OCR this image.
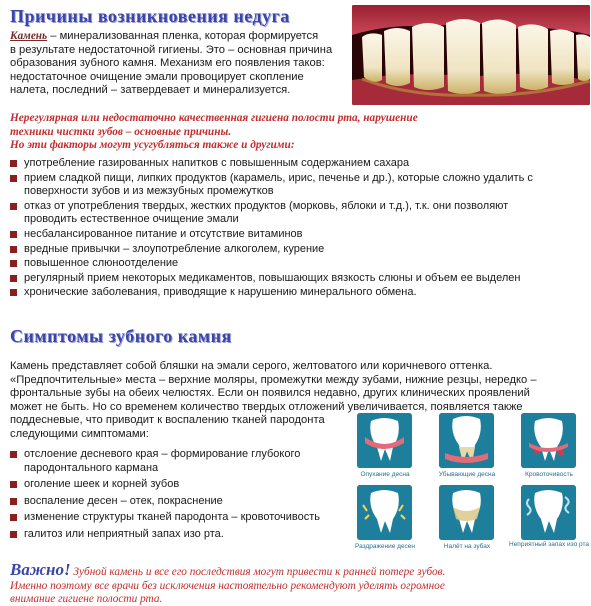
Причины возникновения недуга
Камень – минерализованная пленка, которая формируется
в результате недостаточной гигиены. Это – основная причина
образования зубного камня. Механизм его появления таков:
недостаточное очищение эмали провоцирует скопление
налета, последний – затвердевает и минерализуется.
Нерегулярная или недостаточно качественная гигиена полости рта, нарушение
техники чистки зубов – основные причины.
Но эти факторы могут усугубляться также и другими:
употребление газированных напитков с повышенным содержанием сахара
прием сладкой пищи, липких продуктов (карамель, ирис, печенье и др.), которые сложно удалить с
поверхности зубов и из межзубных промежутков
отказ от употребления твердых, жестких продуктов (морковь, яблоки и т.д.), т.к. они позволяют
проводить естественное очищение эмали
несбалансированное питание и отсутствие витаминов
вредные привычки – злоупотребление алкоголем, курение
повышенное слюноотделение
регулярный прием некоторых медикаментов, повышающих вязкость слюны и объем ее выделен
хронические заболевания, приводящие к нарушению минерального обмена.
Симптомы зубного камня
Камень представляет собой бляшки на эмали серого, желтоватого или коричневого оттенка.
«Предпочтительные» места – верхние моляры, промежутки между зубами, нижние резцы, нередко –
фронтальные зубы на обеих челюстях. Если он появился недавно, других клинических проявлений
может не быть. Но со временем количество твердых отложений увеличивается, появляется также
поддесневые, что приводит к воспалению тканей пародонта
следующими симптомами:
отслоение десневого края – формирование глубокого
пародонтального кармана
оголение шеек и корней зубов
воспаление десен – отек, покраснение
изменение структуры тканей пародонта – кровоточивость
галитоз или неприятный запах изо рта.
Опухание десна	Убывающие десна	Кровоточивость
Раздражение десен	Налёт на зубах	Неприятный запах изо рта
Важно! Зубной камень и все его последствия могут привести к ранней потере зубов.
Именно поэтому все врачи без исключения настоятельно рекомендуют уделять огромное
внимание гигиене полости рта.
